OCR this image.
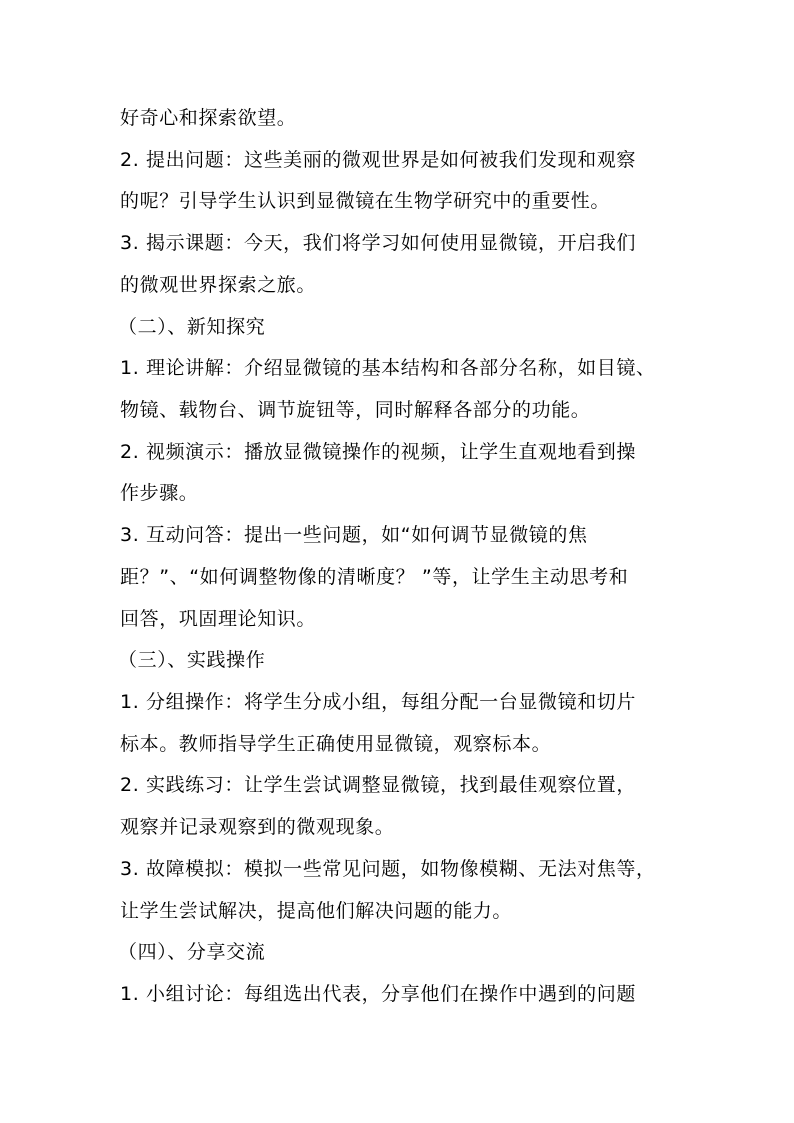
好奇心和探索欲望。
2. 提出问题：这些美丽的微观世界是如何被我们发现和观察
的呢？引导学生认识到显微镜在生物学研究中的重要性。
3. 揭示课题：今天，我们将学习如何使用显微镜，开启我们
的微观世界探索之旅。
（二）、新知探究
1. 理论讲解：介绍显微镜的基本结构和各部分名称，如目镜、
物镜、载物台、调节旋钮等，同时解释各部分的功能。
2. 视频演示：播放显微镜操作的视频，让学生直观地看到操
作步骤。
3. 互动问答：提出一些问题，如“如何调节显微镜的焦
距？”、“如何调整物像的清晰度？ ”等，让学生主动思考和
回答，巩固理论知识。
（三）、实践操作
1. 分组操作：将学生分成小组，每组分配一台显微镜和切片
标本。教师指导学生正确使用显微镜，观察标本。
2. 实践练习：让学生尝试调整显微镜，找到最佳观察位置，
观察并记录观察到的微观现象。
3. 故障模拟：模拟一些常见问题，如物像模糊、无法对焦等，
让学生尝试解决，提高他们解决问题的能力。
（四）、分享交流
1. 小组讨论：每组选出代表，分享他们在操作中遇到的问题
